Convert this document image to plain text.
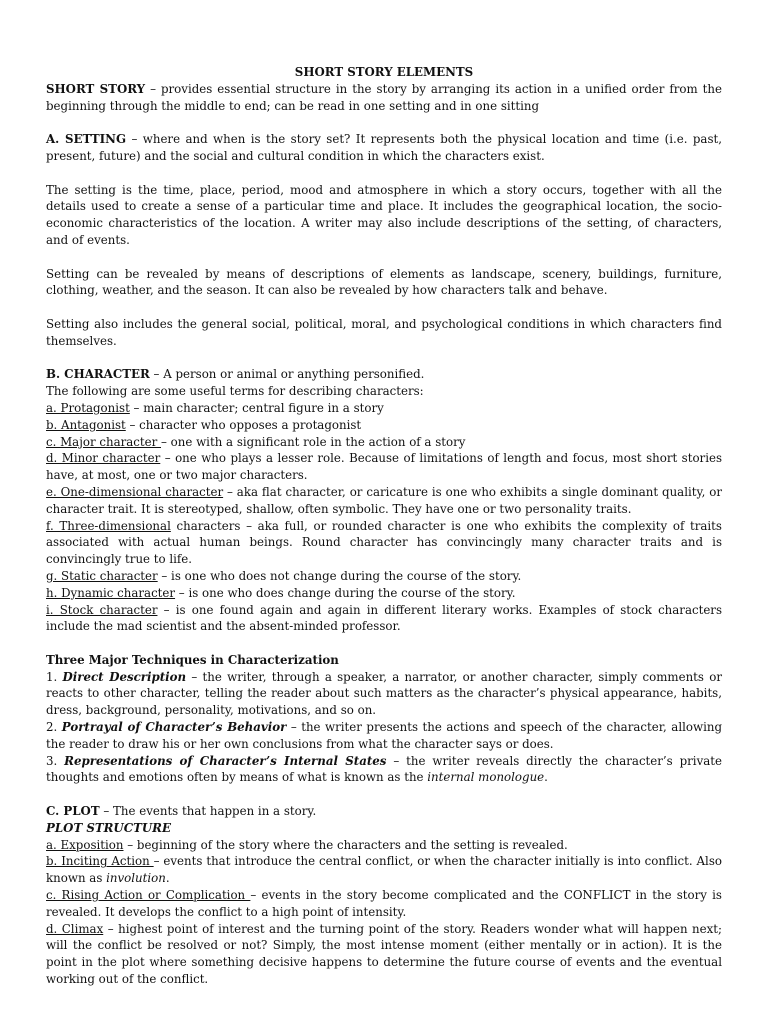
SHORT STORY ELEMENTS

SHORT STORY – provides essential structure in the story by arranging its action in a unified order from the beginning through the middle to end; can be read in one setting and in one sitting

A. SETTING – where and when is the story set? It represents both the physical location and time (i.e. past, present, future) and the social and cultural condition in which the characters exist.

The setting is the time, place, period, mood and atmosphere in which a story occurs, together with all the details used to create a sense of a particular time and place. It includes the geographical location, the socio-economic characteristics of the location. A writer may also include descriptions of the setting, of characters, and of events.

Setting can be revealed by means of descriptions of elements as landscape, scenery, buildings, furniture, clothing, weather, and the season. It can also be revealed by how characters talk and behave.

Setting also includes the general social, political, moral, and psychological conditions in which characters find themselves.

B. CHARACTER – A person or animal or anything personified.

The following are some useful terms for describing characters:

a. Protagonist – main character; central figure in a story

b. Antagonist – character who opposes a protagonist

c. Major character – one with a significant role in the action of a story

d. Minor character – one who plays a lesser role. Because of limitations of length and focus, most short stories have, at most, one or two major characters.

e. One-dimensional character – aka flat character, or caricature is one who exhibits a single dominant quality, or character trait. It is stereotyped, shallow, often symbolic. They have one or two personality traits.

f. Three-dimensional characters – aka full, or rounded character is one who exhibits the complexity of traits associated with actual human beings. Round character has convincingly many character traits and is convincingly true to life.

g. Static character – is one who does not change during the course of the story.

h. Dynamic character – is one who does change during the course of the story.

i. Stock character – is one found again and again in different literary works. Examples of stock characters include the mad scientist and the absent-minded professor.

Three Major Techniques in Characterization

1. Direct Description – the writer, through a speaker, a narrator, or another character, simply comments or reacts to other character, telling the reader about such matters as the character’s physical appearance, habits, dress, background, personality, motivations, and so on.

2. Portrayal of Character’s Behavior – the writer presents the actions and speech of the character, allowing the reader to draw his or her own conclusions from what the character says or does.

3. Representations of Character’s Internal States – the writer reveals directly the character’s private thoughts and emotions often by means of what is known as the internal monologue.

C. PLOT – The events that happen in a story.

PLOT STRUCTURE

a. Exposition – beginning of the story where the characters and the setting is revealed.

b. Inciting Action – events that introduce the central conflict, or when the character initially is into conflict. Also known as involution.

c. Rising Action or Complication – events in the story become complicated and the CONFLICT in the story is revealed. It develops the conflict to a high point of intensity.

d. Climax – highest point of interest and the turning point of the story. Readers wonder what will happen next; will the conflict be resolved or not? Simply, the most intense moment (either mentally or in action). It is the point in the plot where something decisive happens to determine the future course of events and the eventual working out of the conflict.
